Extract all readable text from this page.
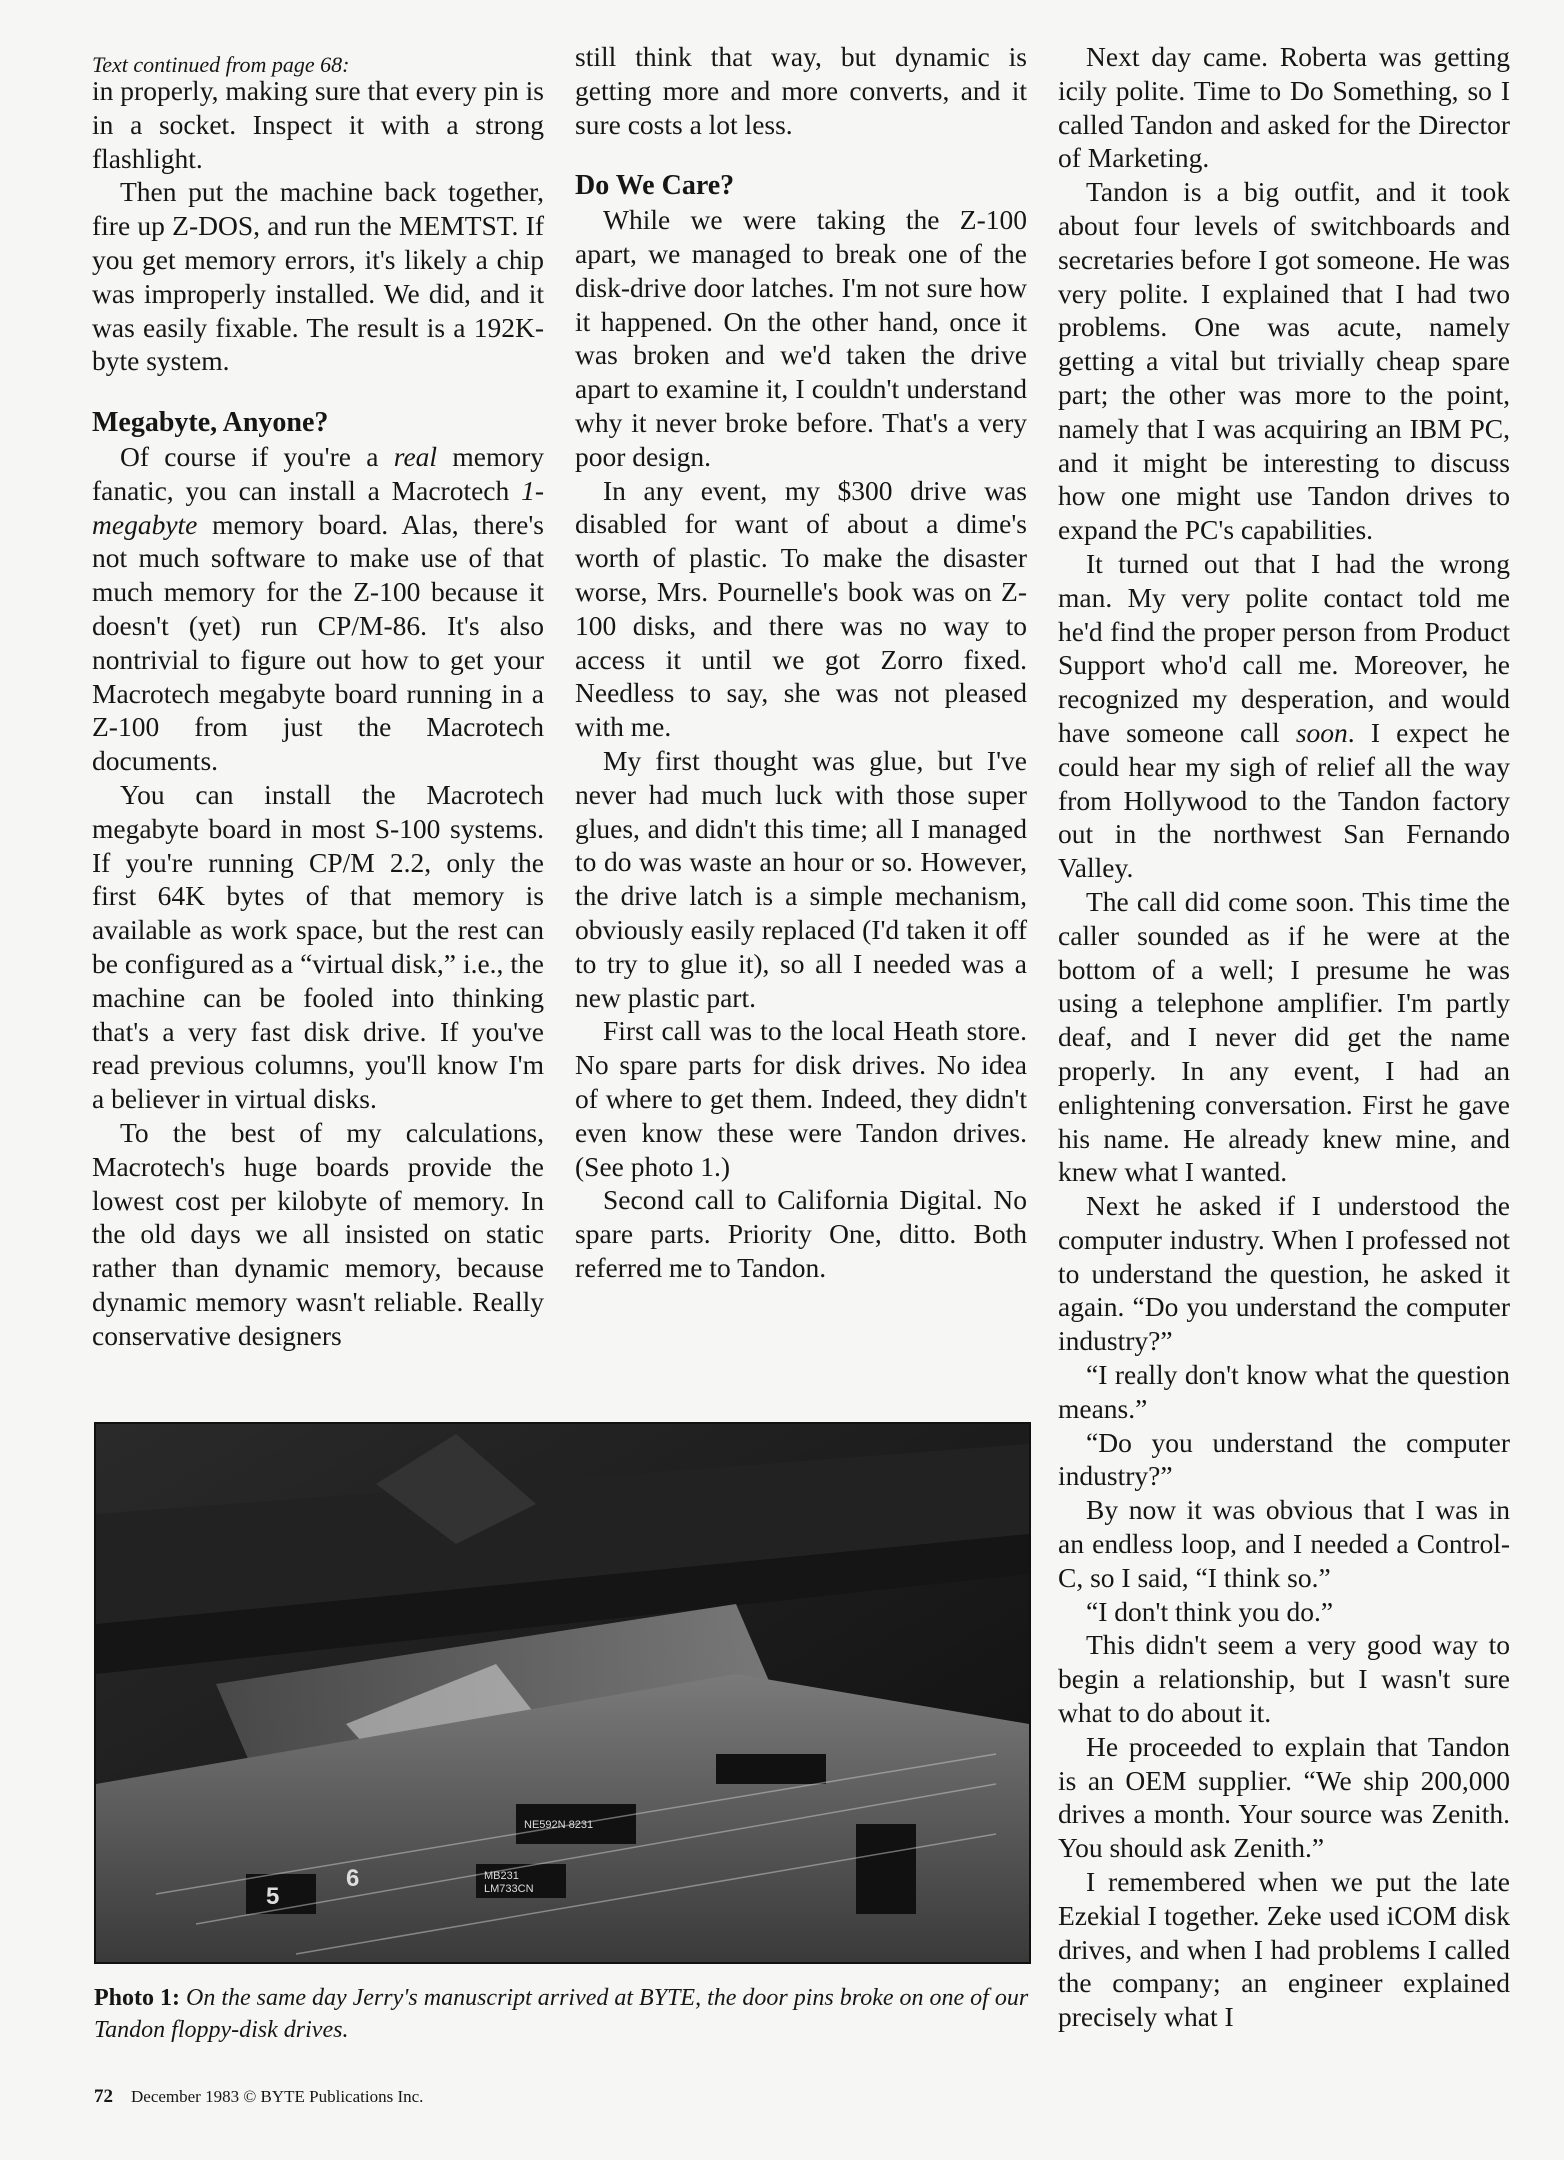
Text continued from page 68:

in properly, making sure that every pin is in a socket. Inspect it with a strong flashlight.

Then put the machine back together, fire up Z-DOS, and run the MEMTST. If you get memory errors, it's likely a chip was improperly installed. We did, and it was easily fixable. The result is a 192K-byte system.

Megabyte, Anyone?

Of course if you're a real memory fanatic, you can install a Macrotech 1-megabyte memory board. Alas, there's not much software to make use of that much memory for the Z-100 because it doesn't (yet) run CP/M-86. It's also nontrivial to figure out how to get your Macrotech megabyte board running in a Z-100 from just the Macrotech documents.

You can install the Macrotech megabyte board in most S-100 systems. If you're running CP/M 2.2, only the first 64K bytes of that memory is available as work space, but the rest can be configured as a “virtual disk,” i.e., the machine can be fooled into thinking that's a very fast disk drive. If you've read previous columns, you'll know I'm a believer in virtual disks.

To the best of my calculations, Macrotech's huge boards provide the lowest cost per kilobyte of memory. In the old days we all insisted on static rather than dynamic memory, because dynamic memory wasn't reliable. Really conservative designers

still think that way, but dynamic is getting more and more converts, and it sure costs a lot less.

Do We Care?

While we were taking the Z-100 apart, we managed to break one of the disk-drive door latches. I'm not sure how it happened. On the other hand, once it was broken and we'd taken the drive apart to examine it, I couldn't understand why it never broke before. That's a very poor design.

In any event, my $300 drive was disabled for want of about a dime's worth of plastic. To make the disaster worse, Mrs. Pournelle's book was on Z-100 disks, and there was no way to access it until we got Zorro fixed. Needless to say, she was not pleased with me.

My first thought was glue, but I've never had much luck with those super glues, and didn't this time; all I managed to do was waste an hour or so. However, the drive latch is a simple mechanism, obviously easily replaced (I'd taken it off to try to glue it), so all I needed was a new plastic part.

First call was to the local Heath store. No spare parts for disk drives. No idea of where to get them. Indeed, they didn't even know these were Tandon drives. (See photo 1.)

Second call to California Digital. No spare parts. Priority One, ditto. Both referred me to Tandon.

Next day came. Roberta was getting icily polite. Time to Do Something, so I called Tandon and asked for the Director of Marketing.

Tandon is a big outfit, and it took about four levels of switchboards and secretaries before I got someone. He was very polite. I explained that I had two problems. One was acute, namely getting a vital but trivially cheap spare part; the other was more to the point, namely that I was acquiring an IBM PC, and it might be interesting to discuss how one might use Tandon drives to expand the PC's capabilities.

It turned out that I had the wrong man. My very polite contact told me he'd find the proper person from Product Support who'd call me. Moreover, he recognized my desperation, and would have someone call soon. I expect he could hear my sigh of relief all the way from Hollywood to the Tandon factory out in the northwest San Fernando Valley.

The call did come soon. This time the caller sounded as if he were at the bottom of a well; I presume he was using a telephone amplifier. I'm partly deaf, and I never did get the name properly. In any event, I had an enlightening conversation. First he gave his name. He already knew mine, and knew what I wanted.

Next he asked if I understood the computer industry. When I professed not to understand the question, he asked it again. “Do you understand the computer industry?”

“I really don't know what the question means.”

“Do you understand the computer industry?”

By now it was obvious that I was in an endless loop, and I needed a Control-C, so I said, “I think so.”

“I don't think you do.”

This didn't seem a very good way to begin a relationship, but I wasn't sure what to do about it.

He proceeded to explain that Tandon is an OEM supplier. “We ship 200,000 drives a month. Your source was Zenith. You should ask Zenith.”

I remembered when we put the late Ezekial I together. Zeke used iCOM disk drives, and when I had problems I called the company; an engineer explained precisely what I

5
6	MB231
LM733CN
NE592N 8231
Photo 1: On the same day Jerry's manuscript arrived at BYTE, the door pins broke on one of our Tandon floppy-disk drives.
72 December 1983 © BYTE Publications Inc.
